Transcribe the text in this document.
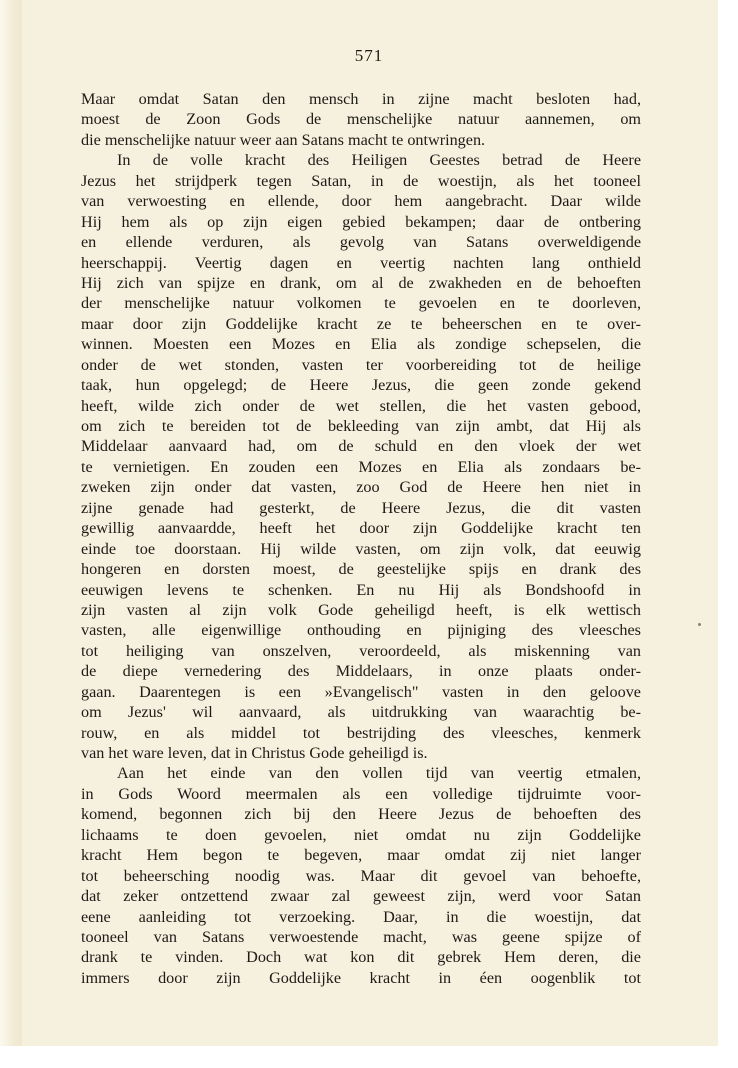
571
Maar omdat Satan den mensch in zijne macht besloten had,
moest de Zoon Gods de menschelijke natuur aannemen, om
die menschelijke natuur weer aan Satans macht te ontwringen.
In de volle kracht des Heiligen Geestes betrad de Heere
Jezus het strijdperk tegen Satan, in de woestijn, als het tooneel
van verwoesting en ellende, door hem aangebracht. Daar wilde
Hij hem als op zijn eigen gebied bekampen; daar de ontbering
en ellende verduren, als gevolg van Satans overweldigende
heerschappij. Veertig dagen en veertig nachten lang onthield
Hij zich van spijze en drank, om al de zwakheden en de behoeften
der menschelijke natuur volkomen te gevoelen en te doorleven,
maar door zijn Goddelijke kracht ze te beheerschen en te over-
winnen. Moesten een Mozes en Elia als zondige schepselen, die
onder de wet stonden, vasten ter voorbereiding tot de heilige
taak, hun opgelegd; de Heere Jezus, die geen zonde gekend
heeft, wilde zich onder de wet stellen, die het vasten gebood,
om zich te bereiden tot de bekleeding van zijn ambt, dat Hij als
Middelaar aanvaard had, om de schuld en den vloek der wet
te vernietigen. En zouden een Mozes en Elia als zondaars be-
zweken zijn onder dat vasten, zoo God de Heere hen niet in
zijne genade had gesterkt, de Heere Jezus, die dit vasten
gewillig aanvaardde, heeft het door zijn Goddelijke kracht ten
einde toe doorstaan. Hij wilde vasten, om zijn volk, dat eeuwig
hongeren en dorsten moest, de geestelijke spijs en drank des
eeuwigen levens te schenken. En nu Hij als Bondshoofd in
zijn vasten al zijn volk Gode geheiligd heeft, is elk wettisch
vasten, alle eigenwillige onthouding en pijniging des vleesches
tot heiliging van onszelven, veroordeeld, als miskenning van
de diepe vernedering des Middelaars, in onze plaats onder-
gaan. Daarentegen is een »Evangelisch" vasten in den geloove
om Jezus' wil aanvaard, als uitdrukking van waarachtig be-
rouw, en als middel tot bestrijding des vleesches, kenmerk
van het ware leven, dat in Christus Gode geheiligd is.
Aan het einde van den vollen tijd van veertig etmalen,
in Gods Woord meermalen als een volledige tijdruimte voor-
komend, begonnen zich bij den Heere Jezus de behoeften des
lichaams te doen gevoelen, niet omdat nu zijn Goddelijke
kracht Hem begon te begeven, maar omdat zij niet langer
tot beheersching noodig was. Maar dit gevoel van behoefte,
dat zeker ontzettend zwaar zal geweest zijn, werd voor Satan
eene aanleiding tot verzoeking. Daar, in die woestijn, dat
tooneel van Satans verwoestende macht, was geene spijze of
drank te vinden. Doch wat kon dit gebrek Hem deren, die
immers door zijn Goddelijke kracht in éen oogenblik tot
